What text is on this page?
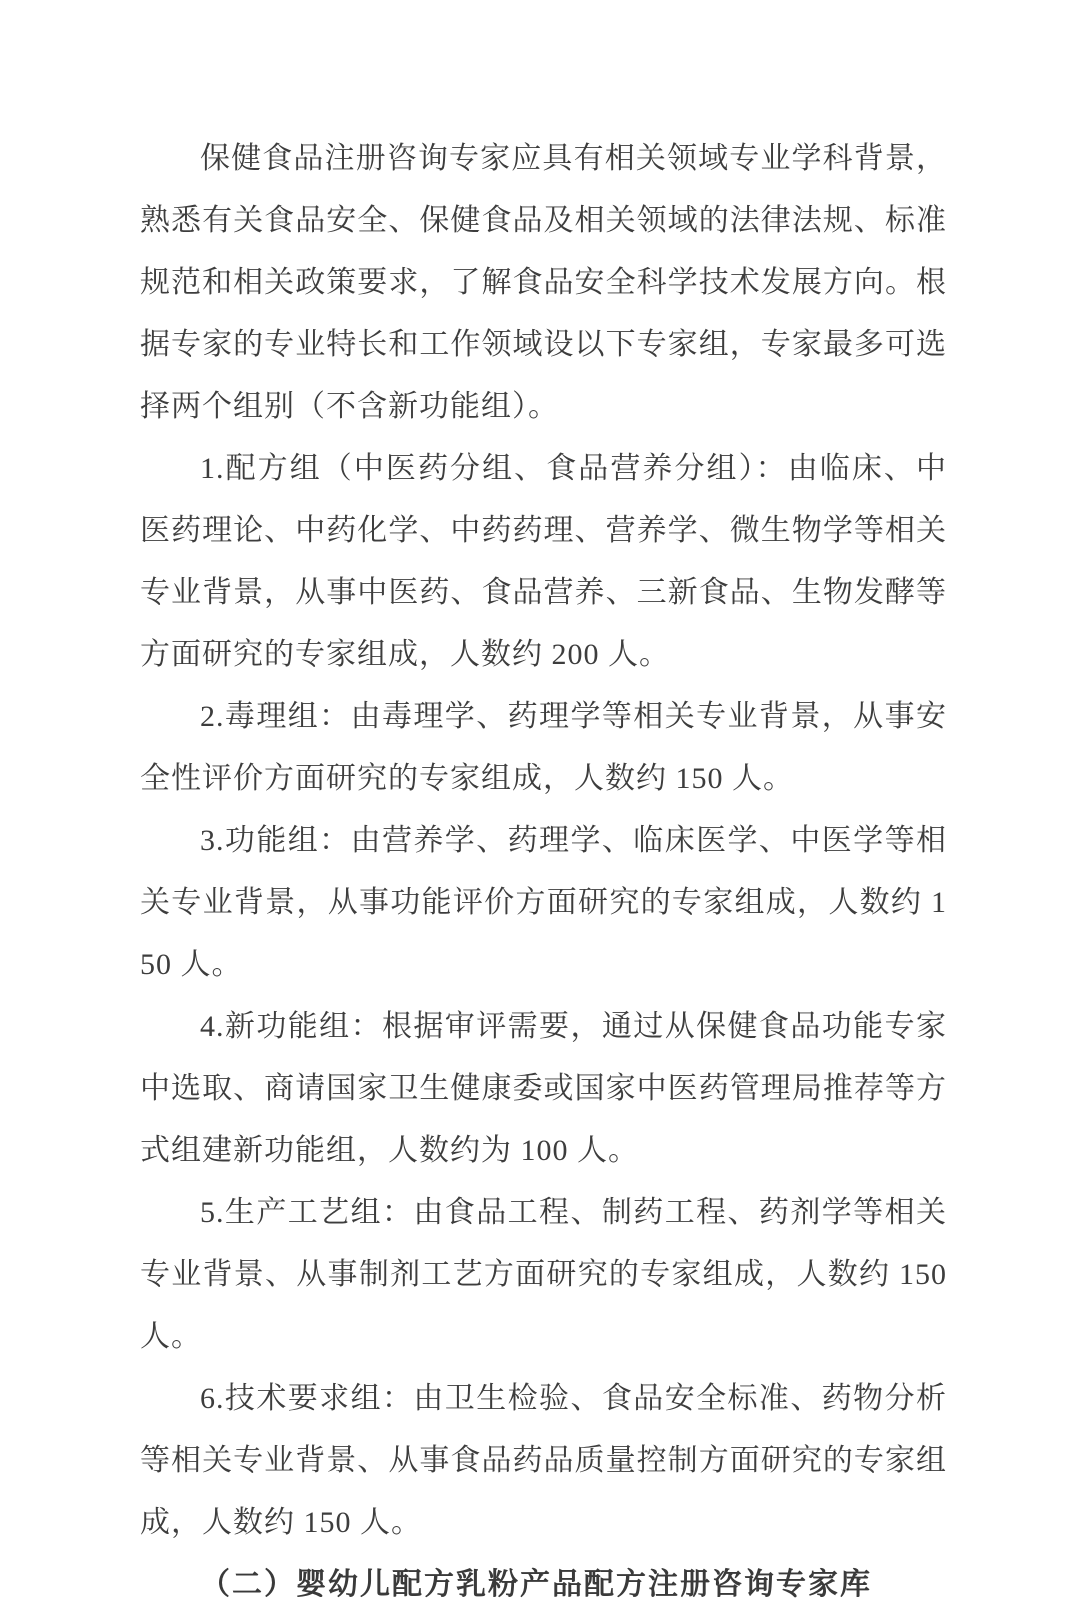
保健食品注册咨询专家应具有相关领域专业学科背景，熟悉有关食品安全、保健食品及相关领域的法律法规、标准规范和相关政策要求，了解食品安全科学技术发展方向。根据专家的专业特长和工作领域设以下专家组，专家最多可选择两个组别（不含新功能组）。

1.配方组（中医药分组、食品营养分组）：由临床、中医药理论、中药化学、中药药理、营养学、微生物学等相关专业背景，从事中医药、食品营养、三新食品、生物发酵等方面研究的专家组成，人数约 200 人。

2.毒理组：由毒理学、药理学等相关专业背景，从事安全性评价方面研究的专家组成，人数约 150 人。

3.功能组：由营养学、药理学、临床医学、中医学等相关专业背景，从事功能评价方面研究的专家组成，人数约 150 人。

4.新功能组：根据审评需要，通过从保健食品功能专家中选取、商请国家卫生健康委或国家中医药管理局推荐等方式组建新功能组，人数约为 100 人。

5.生产工艺组：由食品工程、制药工程、药剂学等相关专业背景、从事制剂工艺方面研究的专家组成，人数约 150 人。

6.技术要求组：由卫生检验、食品安全标准、药物分析等相关专业背景、从事食品药品质量控制方面研究的专家组成，人数约 150 人。

（二）婴幼儿配方乳粉产品配方注册咨询专家库
